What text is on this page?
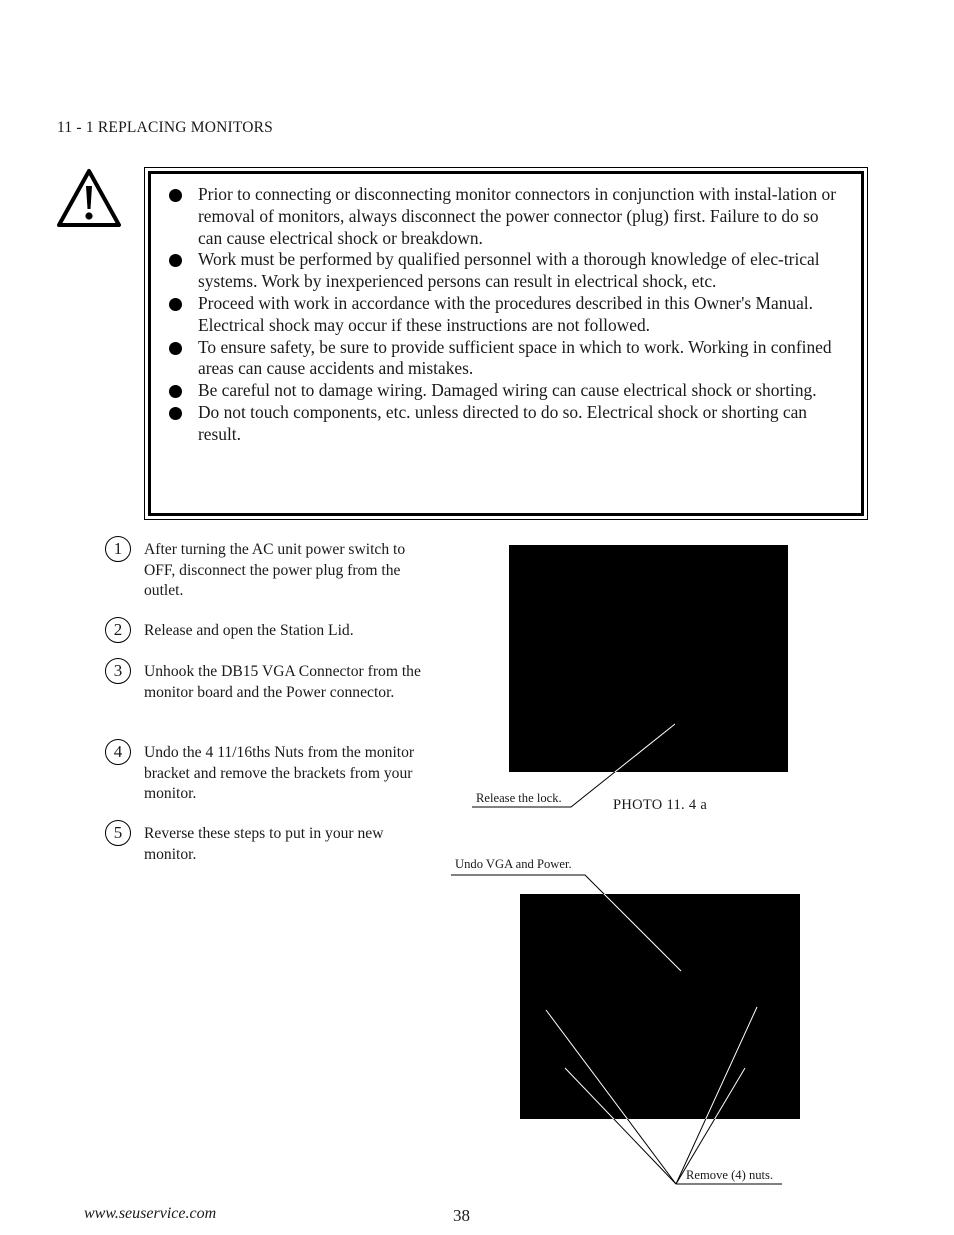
11 - 1 REPLACING MONITORS
Prior to connecting or disconnecting monitor connectors in conjunction with instal-lation or removal of monitors, always disconnect the power connector (plug) first. Failure to do so can cause electrical shock or breakdown.
Work must be performed by qualified personnel with a thorough knowledge of elec-trical systems. Work by inexperienced persons can result in electrical shock, etc.
Proceed with work in accordance with the procedures described in this Owner's Manual. Electrical shock may occur if these instructions are not followed.
To ensure safety, be sure to provide sufficient space in which to work. Working in confined areas can cause accidents and mistakes.
Be careful not to damage wiring. Damaged wiring can cause electrical shock or shorting.
Do not touch components, etc. unless directed to do so. Electrical shock or shorting can result.
1	After turning the AC unit power switch to OFF, disconnect the power plug from the outlet.
2	Release and open the Station Lid.
3	Unhook the DB15 VGA Connector from the monitor board and the Power connector.
4	Undo the 4 11/16ths Nuts from the monitor bracket and remove the brackets from your monitor.
5	Reverse these steps to put in your new monitor.
Release the lock.	PHOTO 11. 4 a
Undo VGA and Power.
Remove (4) nuts.
www.seuservice.com	38
